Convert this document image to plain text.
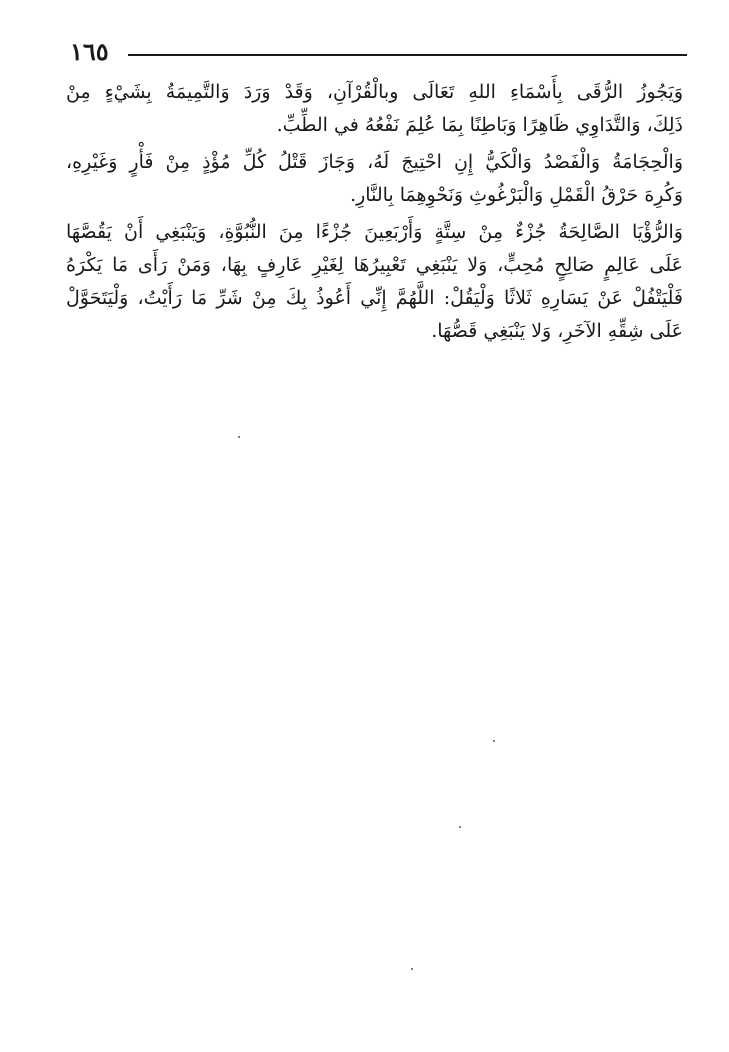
١٦٥
وَيَجُوزُ الرُّقَى بِأَسْمَاءِ اللهِ تَعَالَى وبالْقُرْآنِ، وَقَدْ وَرَدَ وَالتَّمِيمَةُ بِشَيْءٍ مِنْ
ذَلِكَ، وَالتَّدَاوِي ظَاهِرًا وَبَاطِنًا بِمَا عُلِمَ نَفْعُهُ في الطِّبِّ.
وَالْحِجَامَةُ وَالْفَصْدُ وَالْكَيُّ إِنِ احْتِيجَ لَهُ، وَجَازَ قَتْلُ كُلِّ مُؤْذٍ مِنْ فَأْرٍ وَغَيْرِهِ،
وَكُرِهَ حَرْقُ الْقَمْلِ وَالْبَرْغُوثِ وَنَحْوِهِمَا بِالنَّارِ.
وَالرُّؤْيَا الصَّالِحَةُ جُزْءٌ مِنْ سِتَّةٍ وَأَرْبَعِينَ جُزْءًا مِنَ النُّبُوَّةِ، وَيَنْبَغِي أَنْ يَقُصَّهَا
عَلَى عَالِمٍ صَالِحٍ مُحِبٍّ، وَلا يَنْبَغِي تَعْبِيرُهَا لِغَيْرِ عَارِفٍ بِهَا، وَمَنْ رَأَى مَا يَكْرَهُ
فَلْيَتْفُلْ عَنْ يَسَارِهِ ثَلاثًا وَلْيَقُلْ: اللَّهُمَّ إِنِّي أَعُوذُ بِكَ مِنْ شَرِّ مَا رَأَيْتُ، وَلْيَتَحَوَّلْ
عَلَى شِقِّهِ الآخَرِ، وَلا يَنْبَغِي قَصُّهَا.
